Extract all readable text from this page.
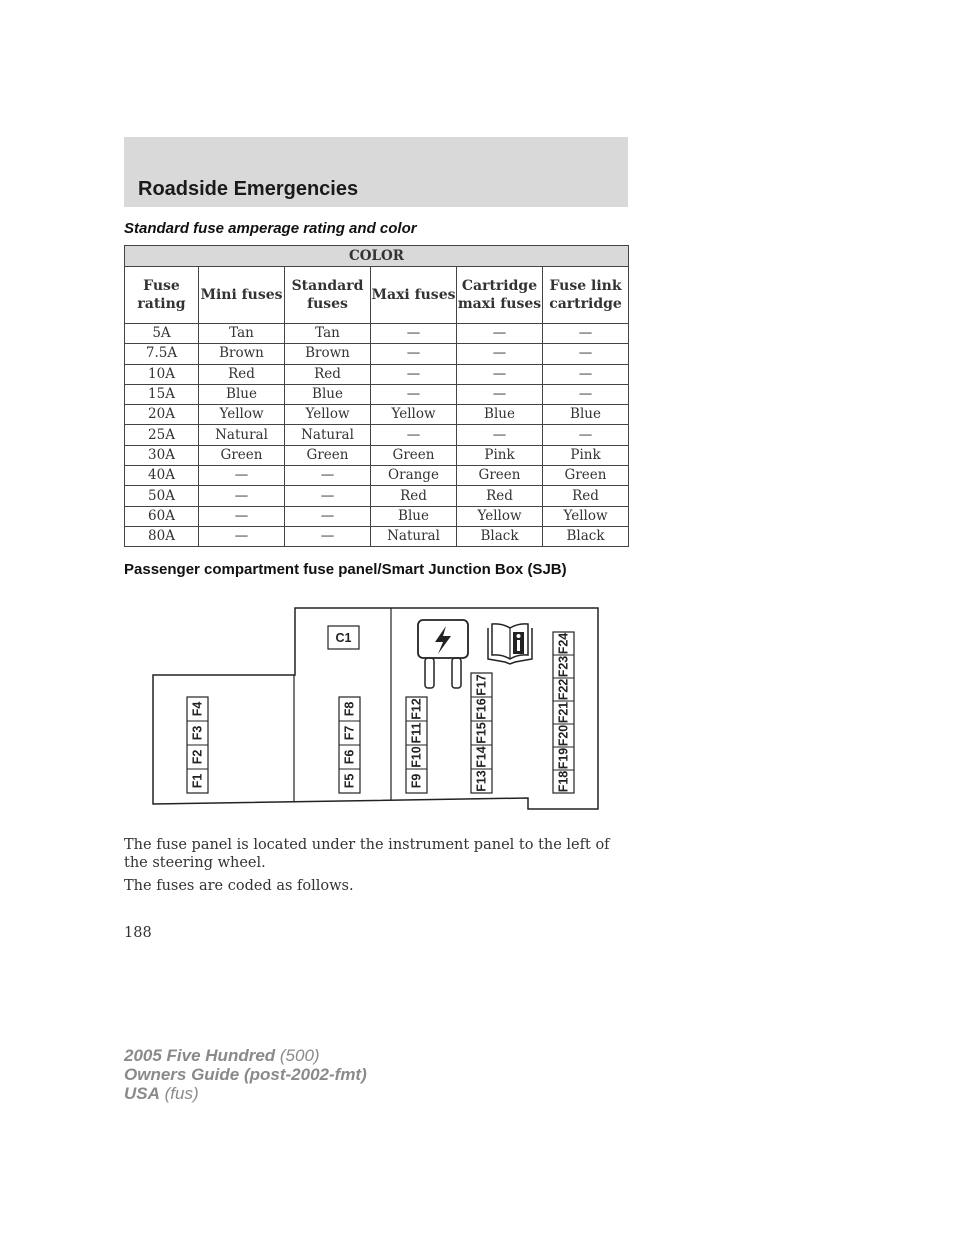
Roadside Emergencies
Standard fuse amperage rating and color
COLOR					
Fuse rating	Mini fuses	Standard fuses	Maxi fuses	Cartridge maxi fuses	Fuse link cartridge
5A	Tan	Tan	—	—	—
7.5A	Brown	Brown	—	—	—
10A	Red	Red	—	—	—
15A	Blue	Blue	—	—	—
20A	Yellow	Yellow	Yellow	Blue	Blue
25A	Natural	Natural	—	—	—
30A	Green	Green	Green	Pink	Pink
40A	—	—	Orange	Green	Green
50A	—	—	Red	Red	Red
60A	—	—	Blue	Yellow	Yellow
80A	—	—	Natural	Black	Black
Passenger compartment fuse panel/Smart Junction Box (SJB)
C1
F1
F2
F3
F4
F5
F6
F7
F8
F9
F10
F11
F12
F13
F14
F15
F16
F17
F18
F19
F20
F21
F22
F23
F24

The fuse panel is located under the instrument panel to the left of the steering wheel.

The fuses are coded as follows.

188

2005 Five Hundred (500)
Owners Guide (post-2002-fmt)
USA (fus)
